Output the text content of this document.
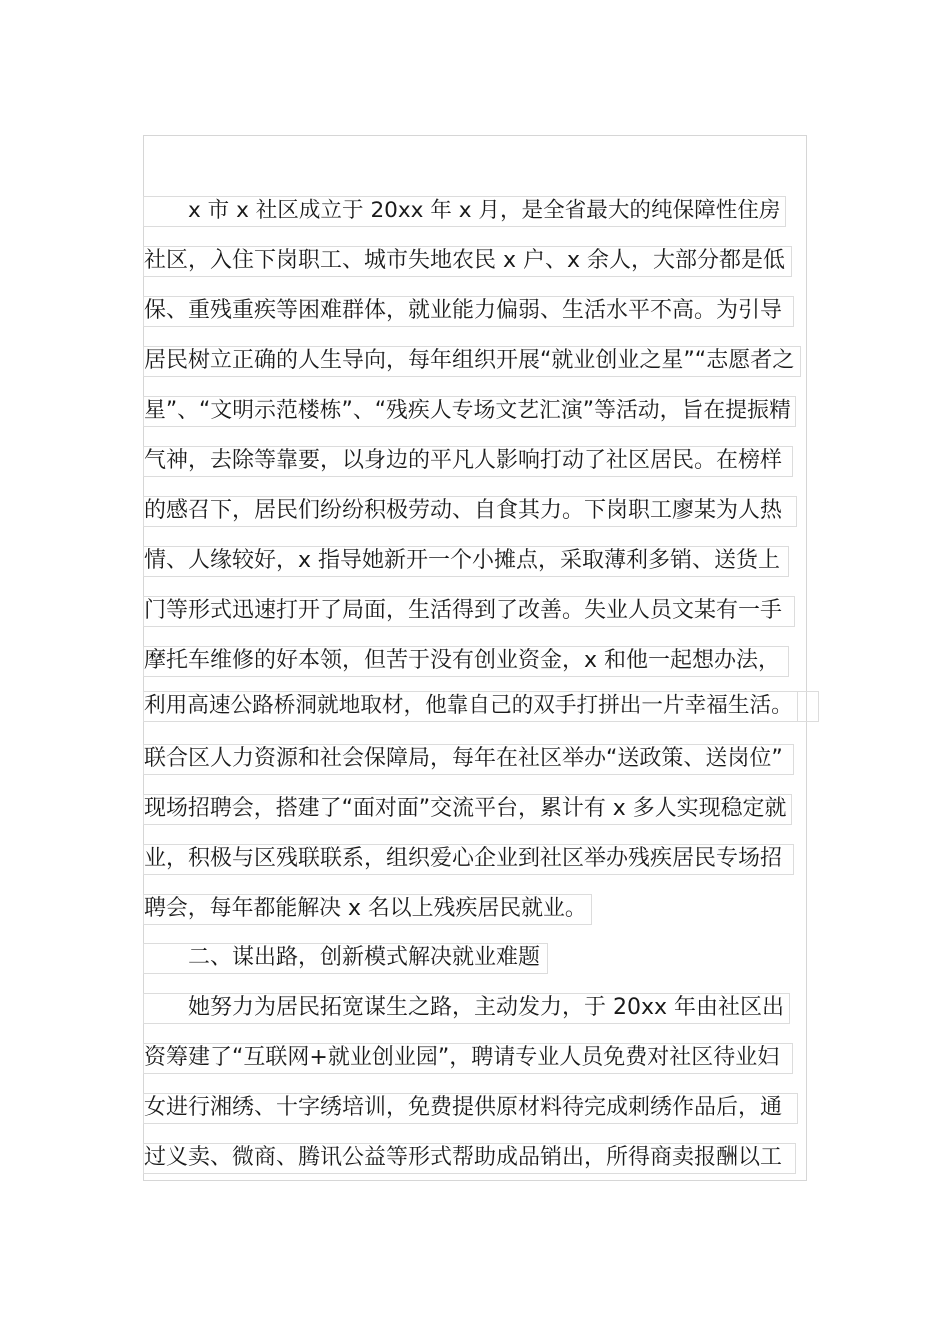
x 市 x 社区成立于 20xx 年 x 月，是全省最大的纯保障性住房
社区，入住下岗职工、城市失地农民 x 户、x 余人，大部分都是低
保、重残重疾等困难群体，就业能力偏弱、生活水平不高。为引导
居民树立正确的人生导向，每年组织开展“就业创业之星”“志愿者之
星”、“文明示范楼栋”、“残疾人专场文艺汇演”等活动，旨在提振精
气神，去除等靠要，以身边的平凡人影响打动了社区居民。在榜样
的感召下，居民们纷纷积极劳动、自食其力。下岗职工廖某为人热
情、人缘较好，x 指导她新开一个小摊点，采取薄利多销、送货上
门等形式迅速打开了局面，生活得到了改善。失业人员文某有一手
摩托车维修的好本领，但苦于没有创业资金，x 和他一起想办法，
利用高速公路桥洞就地取材，他靠自己的双手打拼出一片幸福生活。
联合区人力资源和社会保障局，每年在社区举办“送政策、送岗位”
现场招聘会，搭建了“面对面”交流平台，累计有 x 多人实现稳定就
业，积极与区残联联系，组织爱心企业到社区举办残疾居民专场招
聘会，每年都能解决 x 名以上残疾居民就业。
二、谋出路，创新模式解决就业难题
她努力为居民拓宽谋生之路，主动发力，于 20xx 年由社区出
资筹建了“互联网+就业创业园”，聘请专业人员免费对社区待业妇
女进行湘绣、十字绣培训，免费提供原材料待完成刺绣作品后，通
过义卖、微商、腾讯公益等形式帮助成品销出，所得商卖报酬以工
